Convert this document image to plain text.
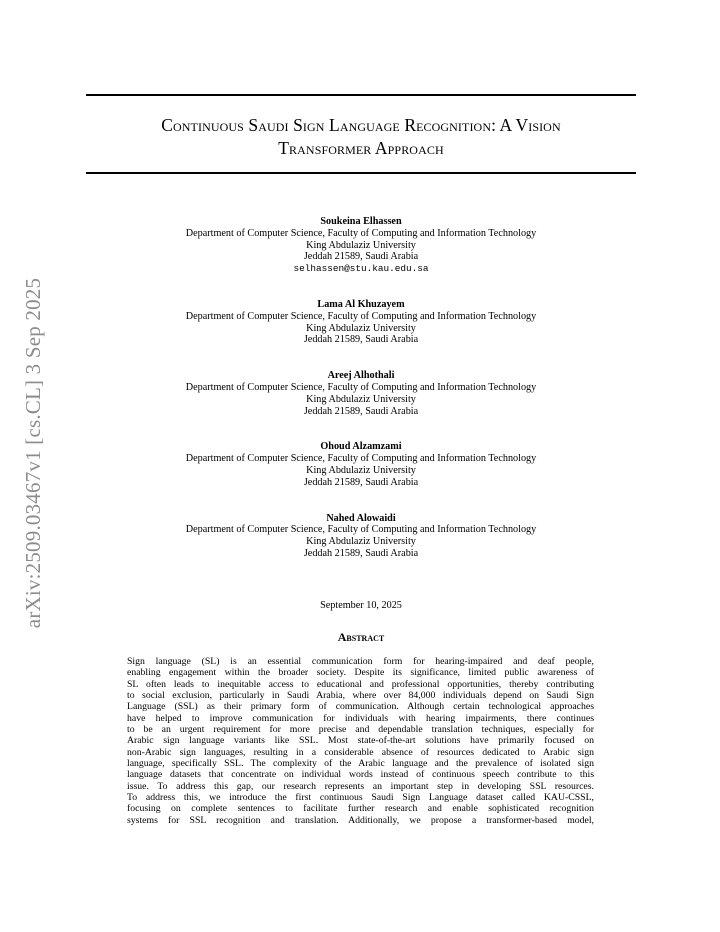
arXiv:2509.03467v1 [cs.CL] 3 Sep 2025
Continuous Saudi Sign Language Recognition: A Vision
Transformer Approach
Soukeina Elhassen
Department of Computer Science, Faculty of Computing and Information Technology
King Abdulaziz University
Jeddah 21589, Saudi Arabia
selhassen@stu.kau.edu.sa
Lama Al Khuzayem
Department of Computer Science, Faculty of Computing and Information Technology
King Abdulaziz University
Jeddah 21589, Saudi Arabia
Areej Alhothali
Department of Computer Science, Faculty of Computing and Information Technology
King Abdulaziz University
Jeddah 21589, Saudi Arabia
Ohoud Alzamzami
Department of Computer Science, Faculty of Computing and Information Technology
King Abdulaziz University
Jeddah 21589, Saudi Arabia
Nahed Alowaidi
Department of Computer Science, Faculty of Computing and Information Technology
King Abdulaziz University
Jeddah 21589, Saudi Arabia
September 10, 2025
Abstract
Sign language (SL) is an essential communication form for hearing-impaired and deaf people,
enabling engagement within the broader society. Despite its significance, limited public awareness of
SL often leads to inequitable access to educational and professional opportunities, thereby contributing
to social exclusion, particularly in Saudi Arabia, where over 84,000 individuals depend on Saudi Sign
Language (SSL) as their primary form of communication. Although certain technological approaches
have helped to improve communication for individuals with hearing impairments, there continues
to be an urgent requirement for more precise and dependable translation techniques, especially for
Arabic sign language variants like SSL. Most state-of-the-art solutions have primarily focused on
non-Arabic sign languages, resulting in a considerable absence of resources dedicated to Arabic sign
language, specifically SSL. The complexity of the Arabic language and the prevalence of isolated sign
language datasets that concentrate on individual words instead of continuous speech contribute to this
issue. To address this gap, our research represents an important step in developing SSL resources.
To address this, we introduce the first continuous Saudi Sign Language dataset called KAU-CSSL,
focusing on complete sentences to facilitate further research and enable sophisticated recognition
systems for SSL recognition and translation. Additionally, we propose a transformer-based model,
